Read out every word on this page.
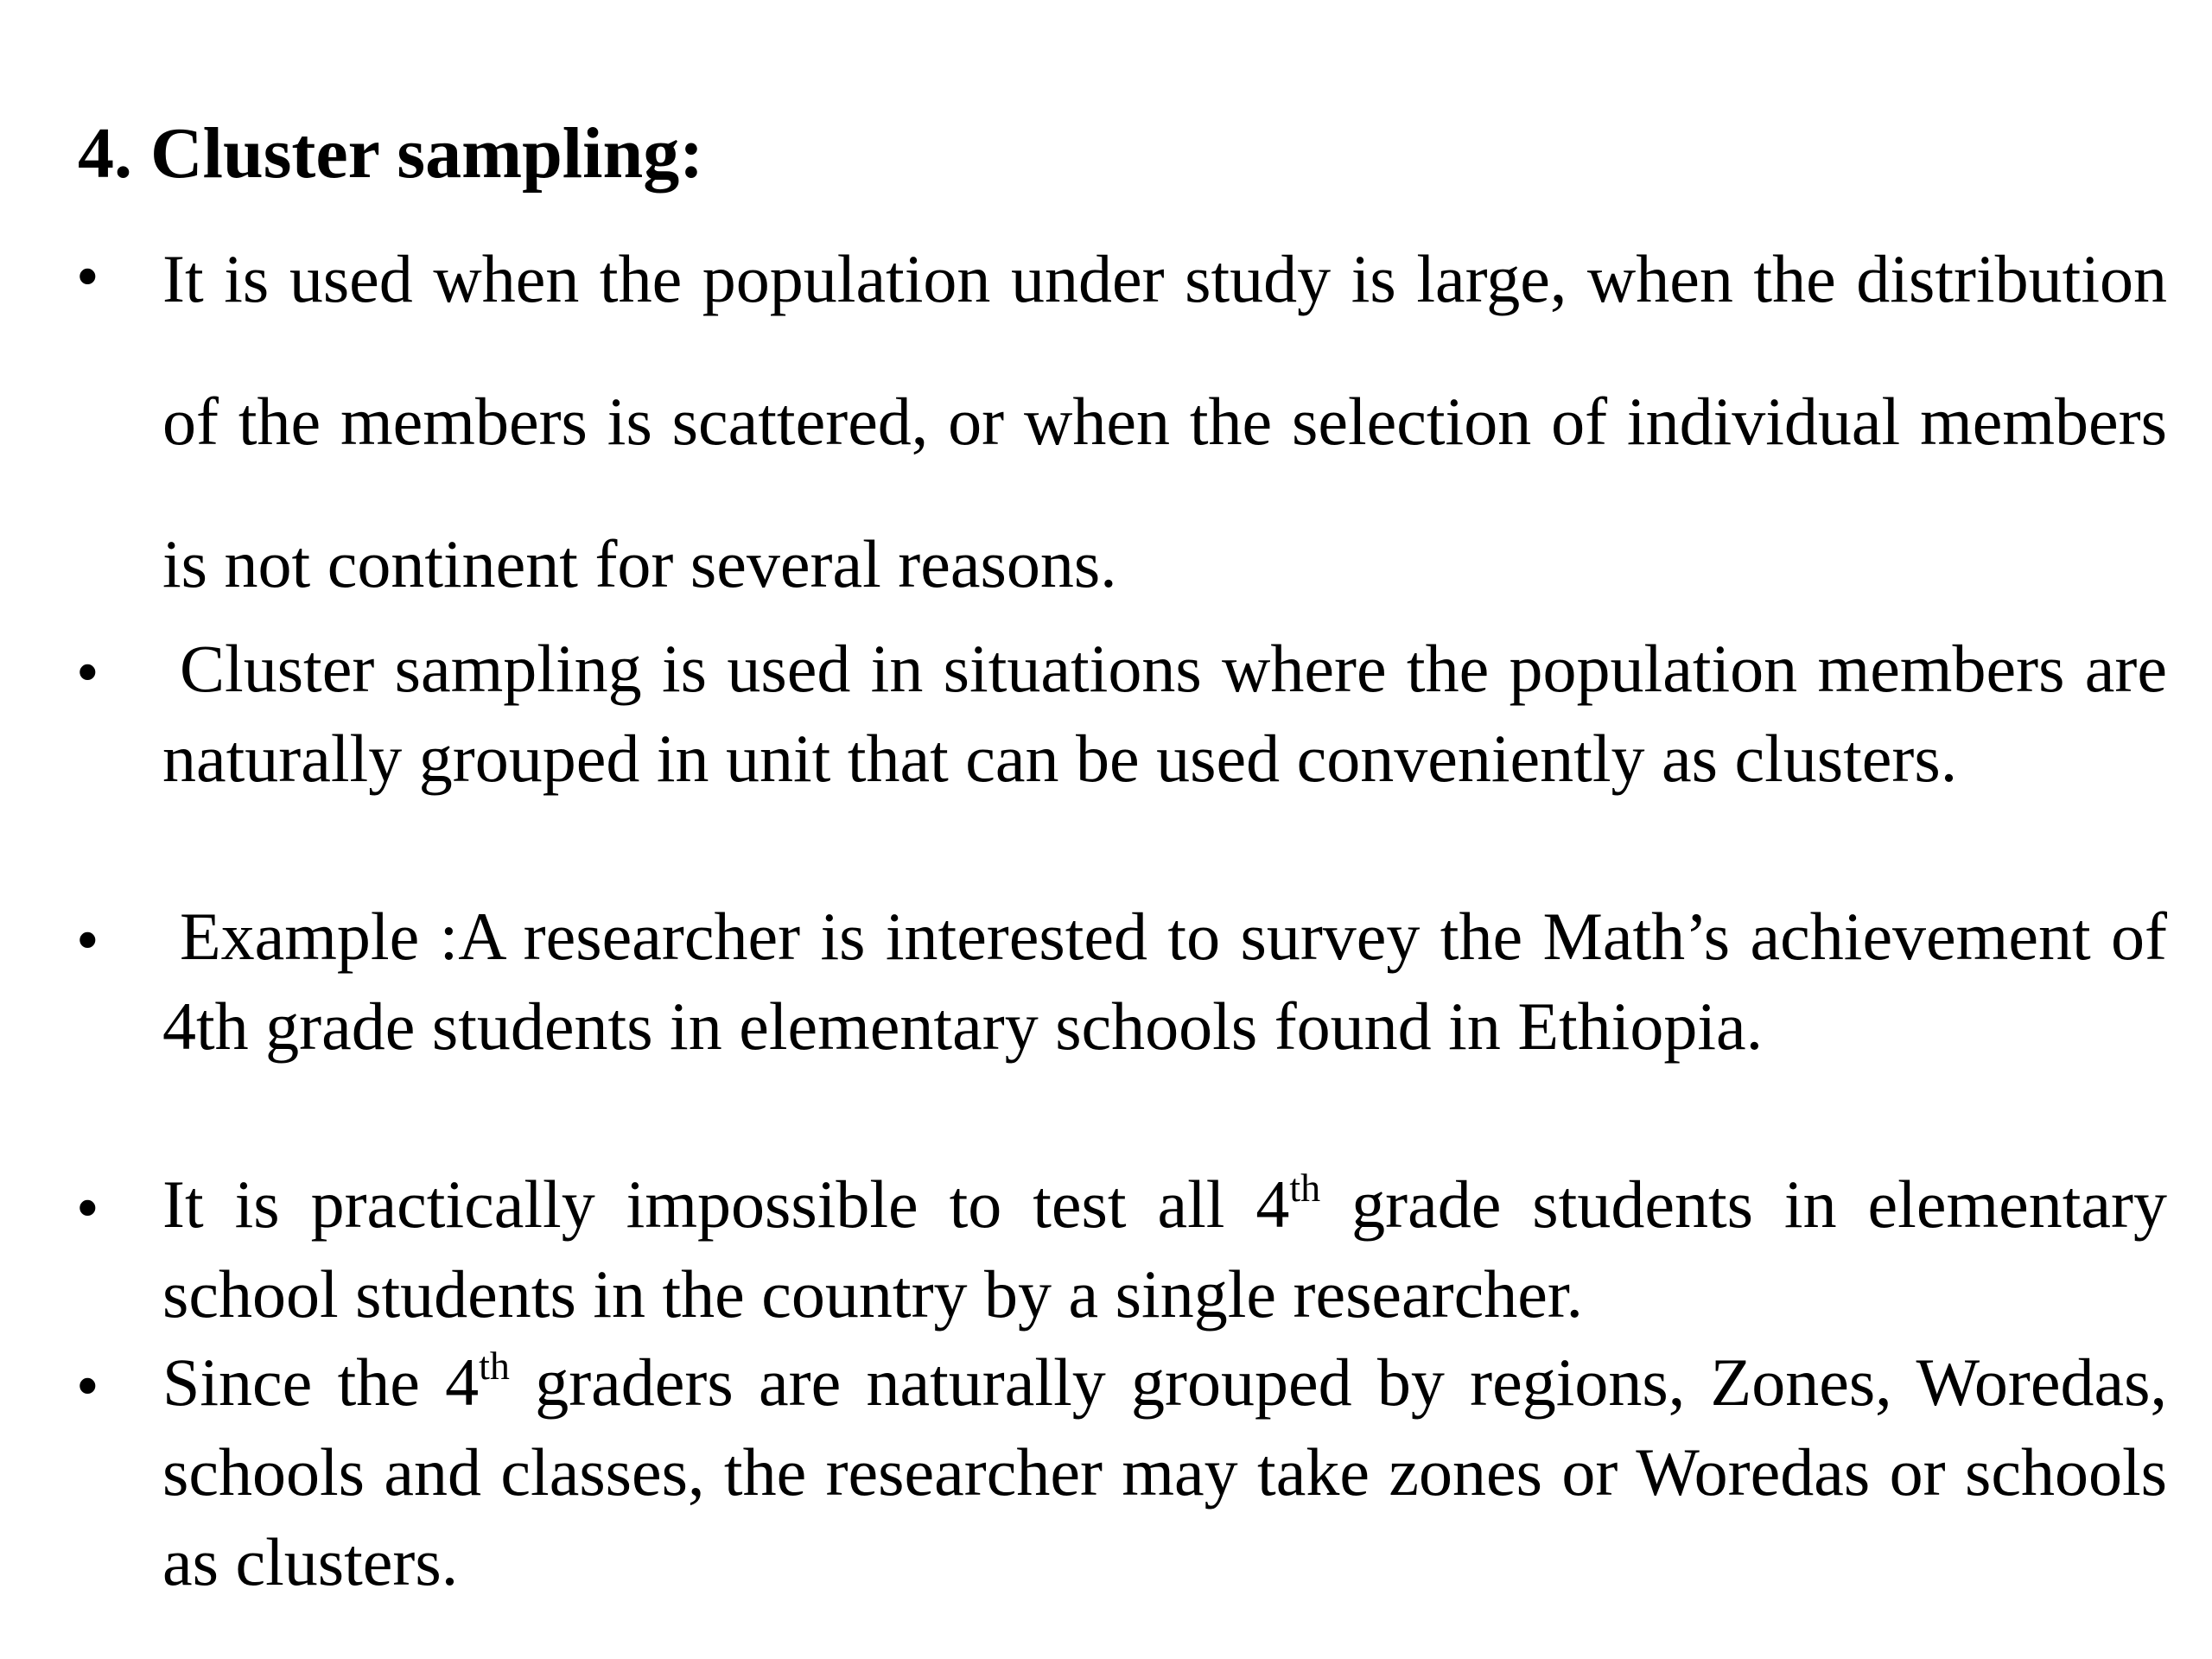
4. Cluster sampling:
• It is used when the population under study is large, when the distribution of the members is scattered, or when the selection of individual members is not continent for several reasons.

• Cluster sampling is used in situations where the population members are naturally grouped in unit that can be used conveniently as clusters.

• Example :A researcher is interested to survey the Math’s achievement of 4th grade students in elementary schools found in Ethiopia.

• It is practically impossible to test all 4th grade students in elementary school students in the country by a single researcher.

• Since the 4th graders are naturally grouped by regions, Zones, Woredas, schools and classes, the researcher may take zones or Woredas or schools as clusters.
